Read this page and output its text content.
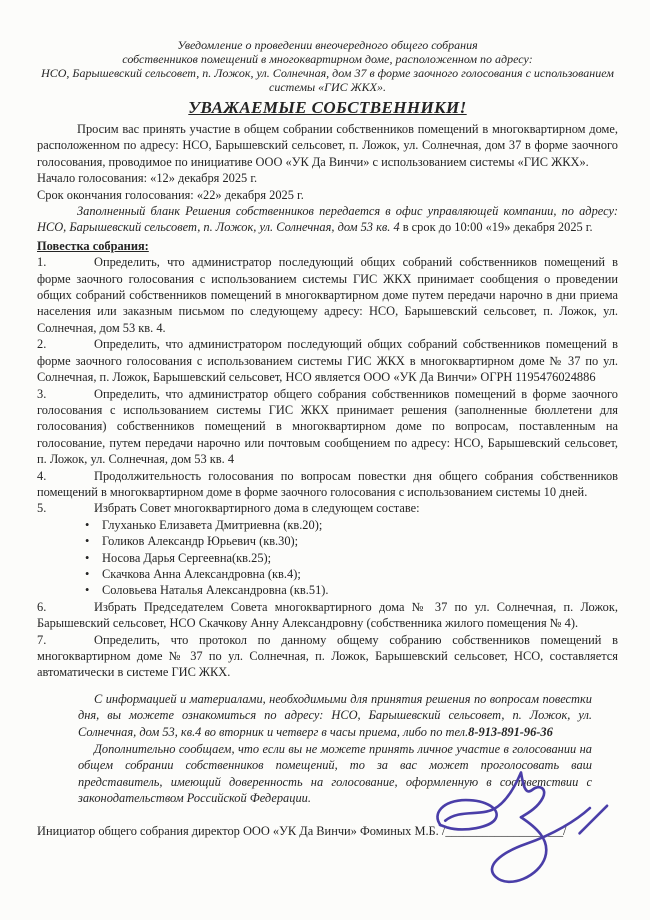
Уведомление о проведении внеочередного общего собрания

собственников помещений в многоквартирном доме, расположенном по адресу:

НСО, Барышевский сельсовет, п. Ложок, ул. Солнечная, дом 37 в форме заочного голосования с использованием

системы «ГИС ЖКХ».

УВАЖАЕМЫЕ СОБСТВЕННИКИ!

Просим вас принять участие в общем собрании собственников помещений в многоквартирном доме, расположенном по адресу: НСО, Барышевский сельсовет, п. Ложок, ул. Солнечная, дом 37 в форме заочного голосования, проводимое по инициативе ООО «УК Да Винчи» с использованием системы «ГИС ЖКХ».

Начало голосования: «12» декабря 2025 г.

Срок окончания голосования: «22» декабря 2025 г.

Заполненный бланк Решения собственников передается в офис управляющей компании, по адресу: НСО, Барышевский сельсовет, п. Ложок, ул. Солнечная, дом 53 кв. 4 в срок до 10:00 «19» декабря 2025 г.

Повестка собрания:

1.	Определить, что администратор последующий общих собраний собственников помещений в форме заочного голосования с использованием системы ГИС ЖКХ принимает сообщения о проведении общих собраний собственников помещений в многоквартирном доме путем передачи нарочно в дни приема населения или заказным письмом по следующему адресу: НСО, Барышевский сельсовет, п. Ложок, ул. Солнечная, дом 53 кв. 4.

2.	Определить, что администратором последующий общих собраний собственников помещений в форме заочного голосования с использованием системы ГИС ЖКХ в многоквартирном доме № 37 по ул. Солнечная, п. Ложок, Барышевский сельсовет, НСО является ООО «УК Да Винчи» ОГРН 1195476024886

3.	Определить, что администратор общего собрания собственников помещений в форме заочного голосования с использованием системы ГИС ЖКХ принимает решения (заполненные бюллетени для голосования) собственников помещений в многоквартирном доме по вопросам, поставленным на голосование, путем передачи нарочно или почтовым сообщением по адресу: НСО, Барышевский сельсовет, п. Ложок, ул. Солнечная, дом 53 кв. 4

4.	Продолжительность голосования по вопросам повестки дня общего собрания собственников помещений в многоквартирном доме в форме заочного голосования с использованием системы 10 дней.

5.	Избрать Совет многоквартирного дома в следующем составе:

• Глуханько Елизавета Дмитриевна (кв.20);

• Голиков Александр Юрьевич (кв.30);

• Носова Дарья Сергеевна(кв.25);

• Скачкова Анна Александровна (кв.4);

• Соловьева Наталья Александровна (кв.51).

6.	Избрать Председателем Совета многоквартирного дома № 37 по ул. Солнечная, п. Ложок, Барышевский сельсовет, НСО Скачкову Анну Александровну (собственника жилого помещения № 4).

7.	Определить, что протокол по данному общему собранию собственников помещений в многоквартирном доме № 37 по ул. Солнечная, п. Ложок, Барышевский сельсовет, НСО, составляется автоматически в системе ГИС ЖКХ.

С информацией и материалами, необходимыми для принятия решения по вопросам повестки дня, вы можете ознакомиться по адресу: НСО, Барышевский сельсовет, п. Ложок, ул. Солнечная, дом 53, кв.4 во вторник и четверг в часы приема, либо по тел.8-913-891-96-36

Дополнительно сообщаем, что если вы не можете принять личное участие в голосовании на общем собрании собственников помещений, то за вас может проголосовать ваш представитель, имеющий доверенность на голосование, оформленную в соответствии с законодательством Российской Федерации.

Инициатор общего собрания директор ООО «УК Да Винчи» Фоминых М.Б. /___________________/
